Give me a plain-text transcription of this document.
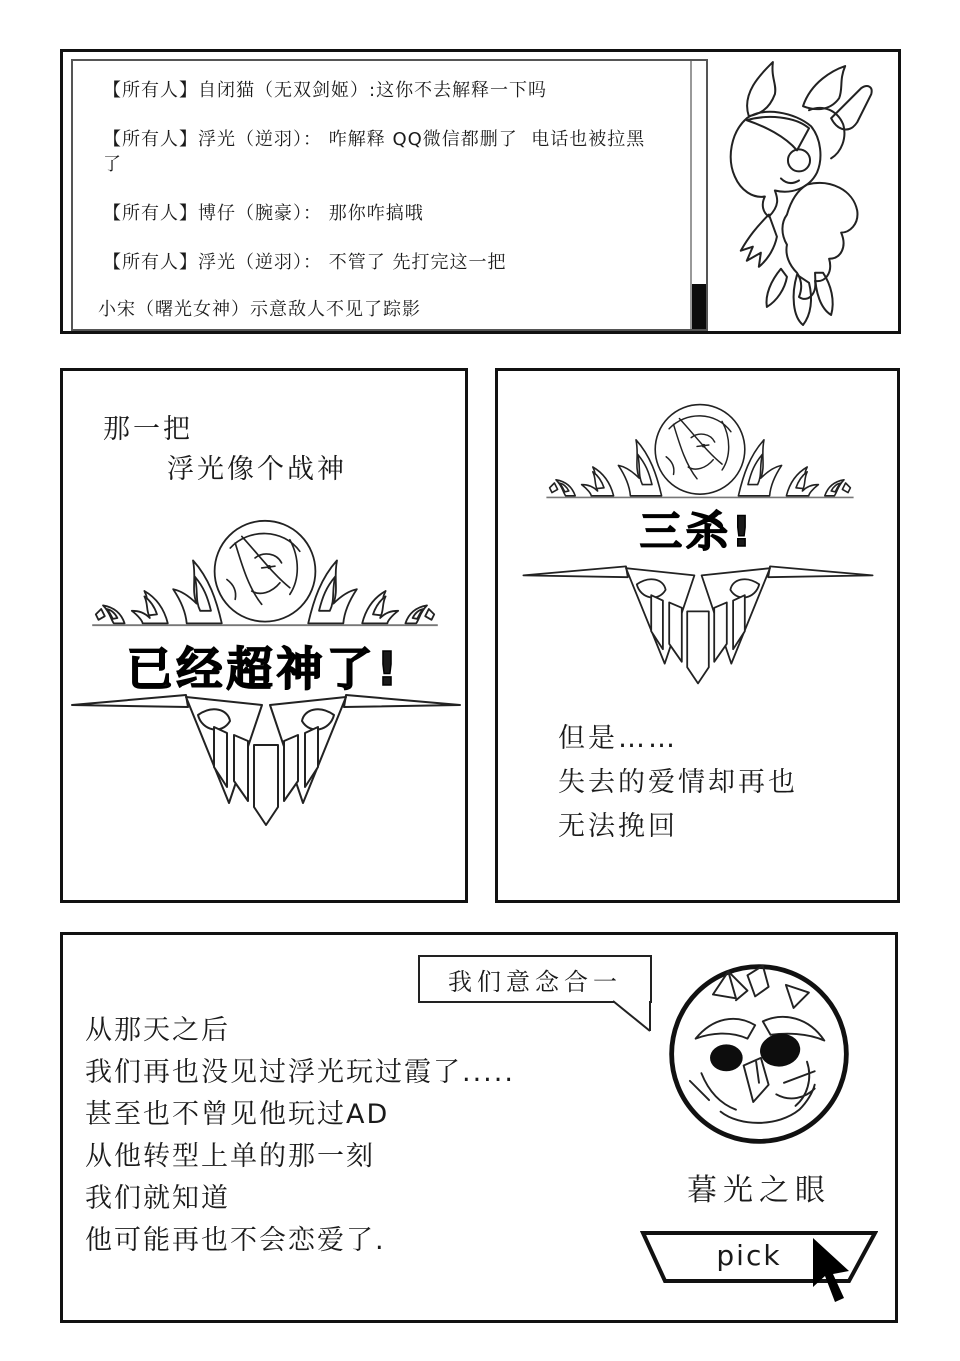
【所有人】自闭猫（无双剑姬）:这你不去解释一下吗
【所有人】浮光（逆羽）： 咋解释 QQ微信都删了  电话也被拉黑了
【所有人】博仔（腕豪）： 那你咋搞哦
【所有人】浮光（逆羽）： 不管了 先打完这一把
小宋（曙光女神）示意敌人不见了踪影
那一把
浮光像个战神
已经超神了!
三杀!
但是……
失去的爱情却再也
无法挽回
我们意念合一
从那天之后
我们再也没见过浮光玩过霞了.....
甚至也不曾见他玩过AD
从他转型上单的那一刻
我们就知道
他可能再也不会恋爱了.
暮光之眼
pick
